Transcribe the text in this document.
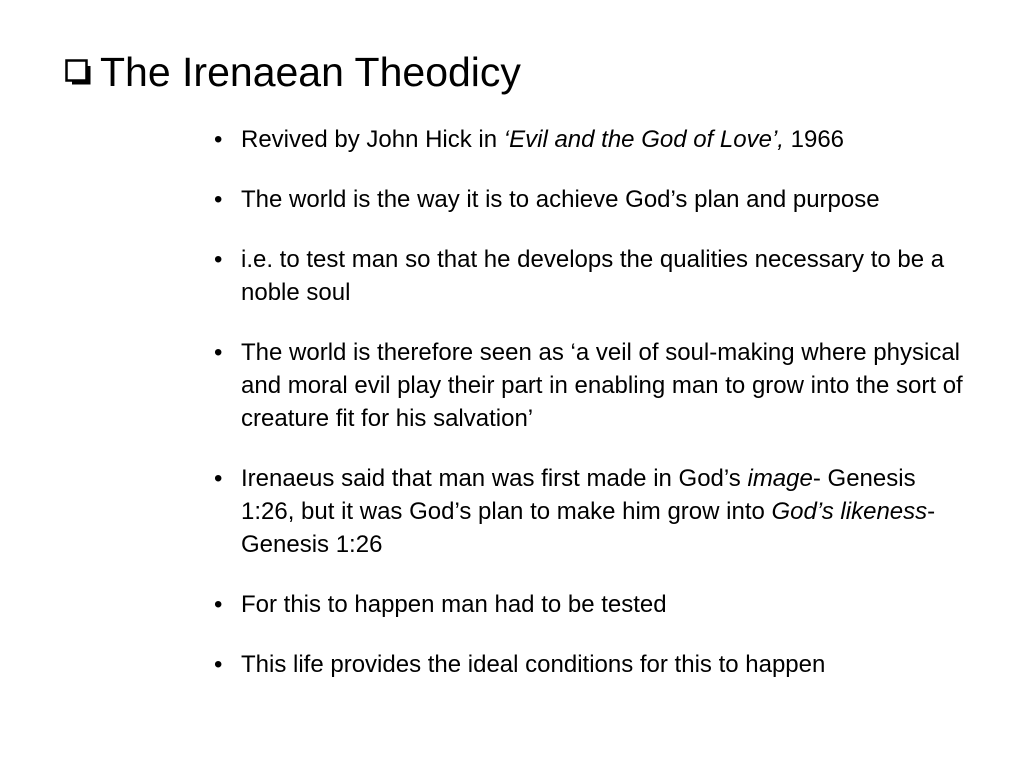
The Irenaean Theodicy
• Revived by John Hick in ‘Evil and the God of Love’, 1966
• The world is the way it is to achieve God’s plan and purpose
• i.e. to test man so that he develops the qualities necessary to be a noble soul
• The world is therefore seen as ‘a veil of soul-making where physical and moral evil play their part in enabling man to grow into the sort of creature fit for his salvation’
• Irenaeus said that man was first made in God’s image- Genesis 1:26, but it was God’s plan to make him grow into God’s likeness- Genesis 1:26
• For this to happen man had to be tested
• This life provides the ideal conditions for this to happen
